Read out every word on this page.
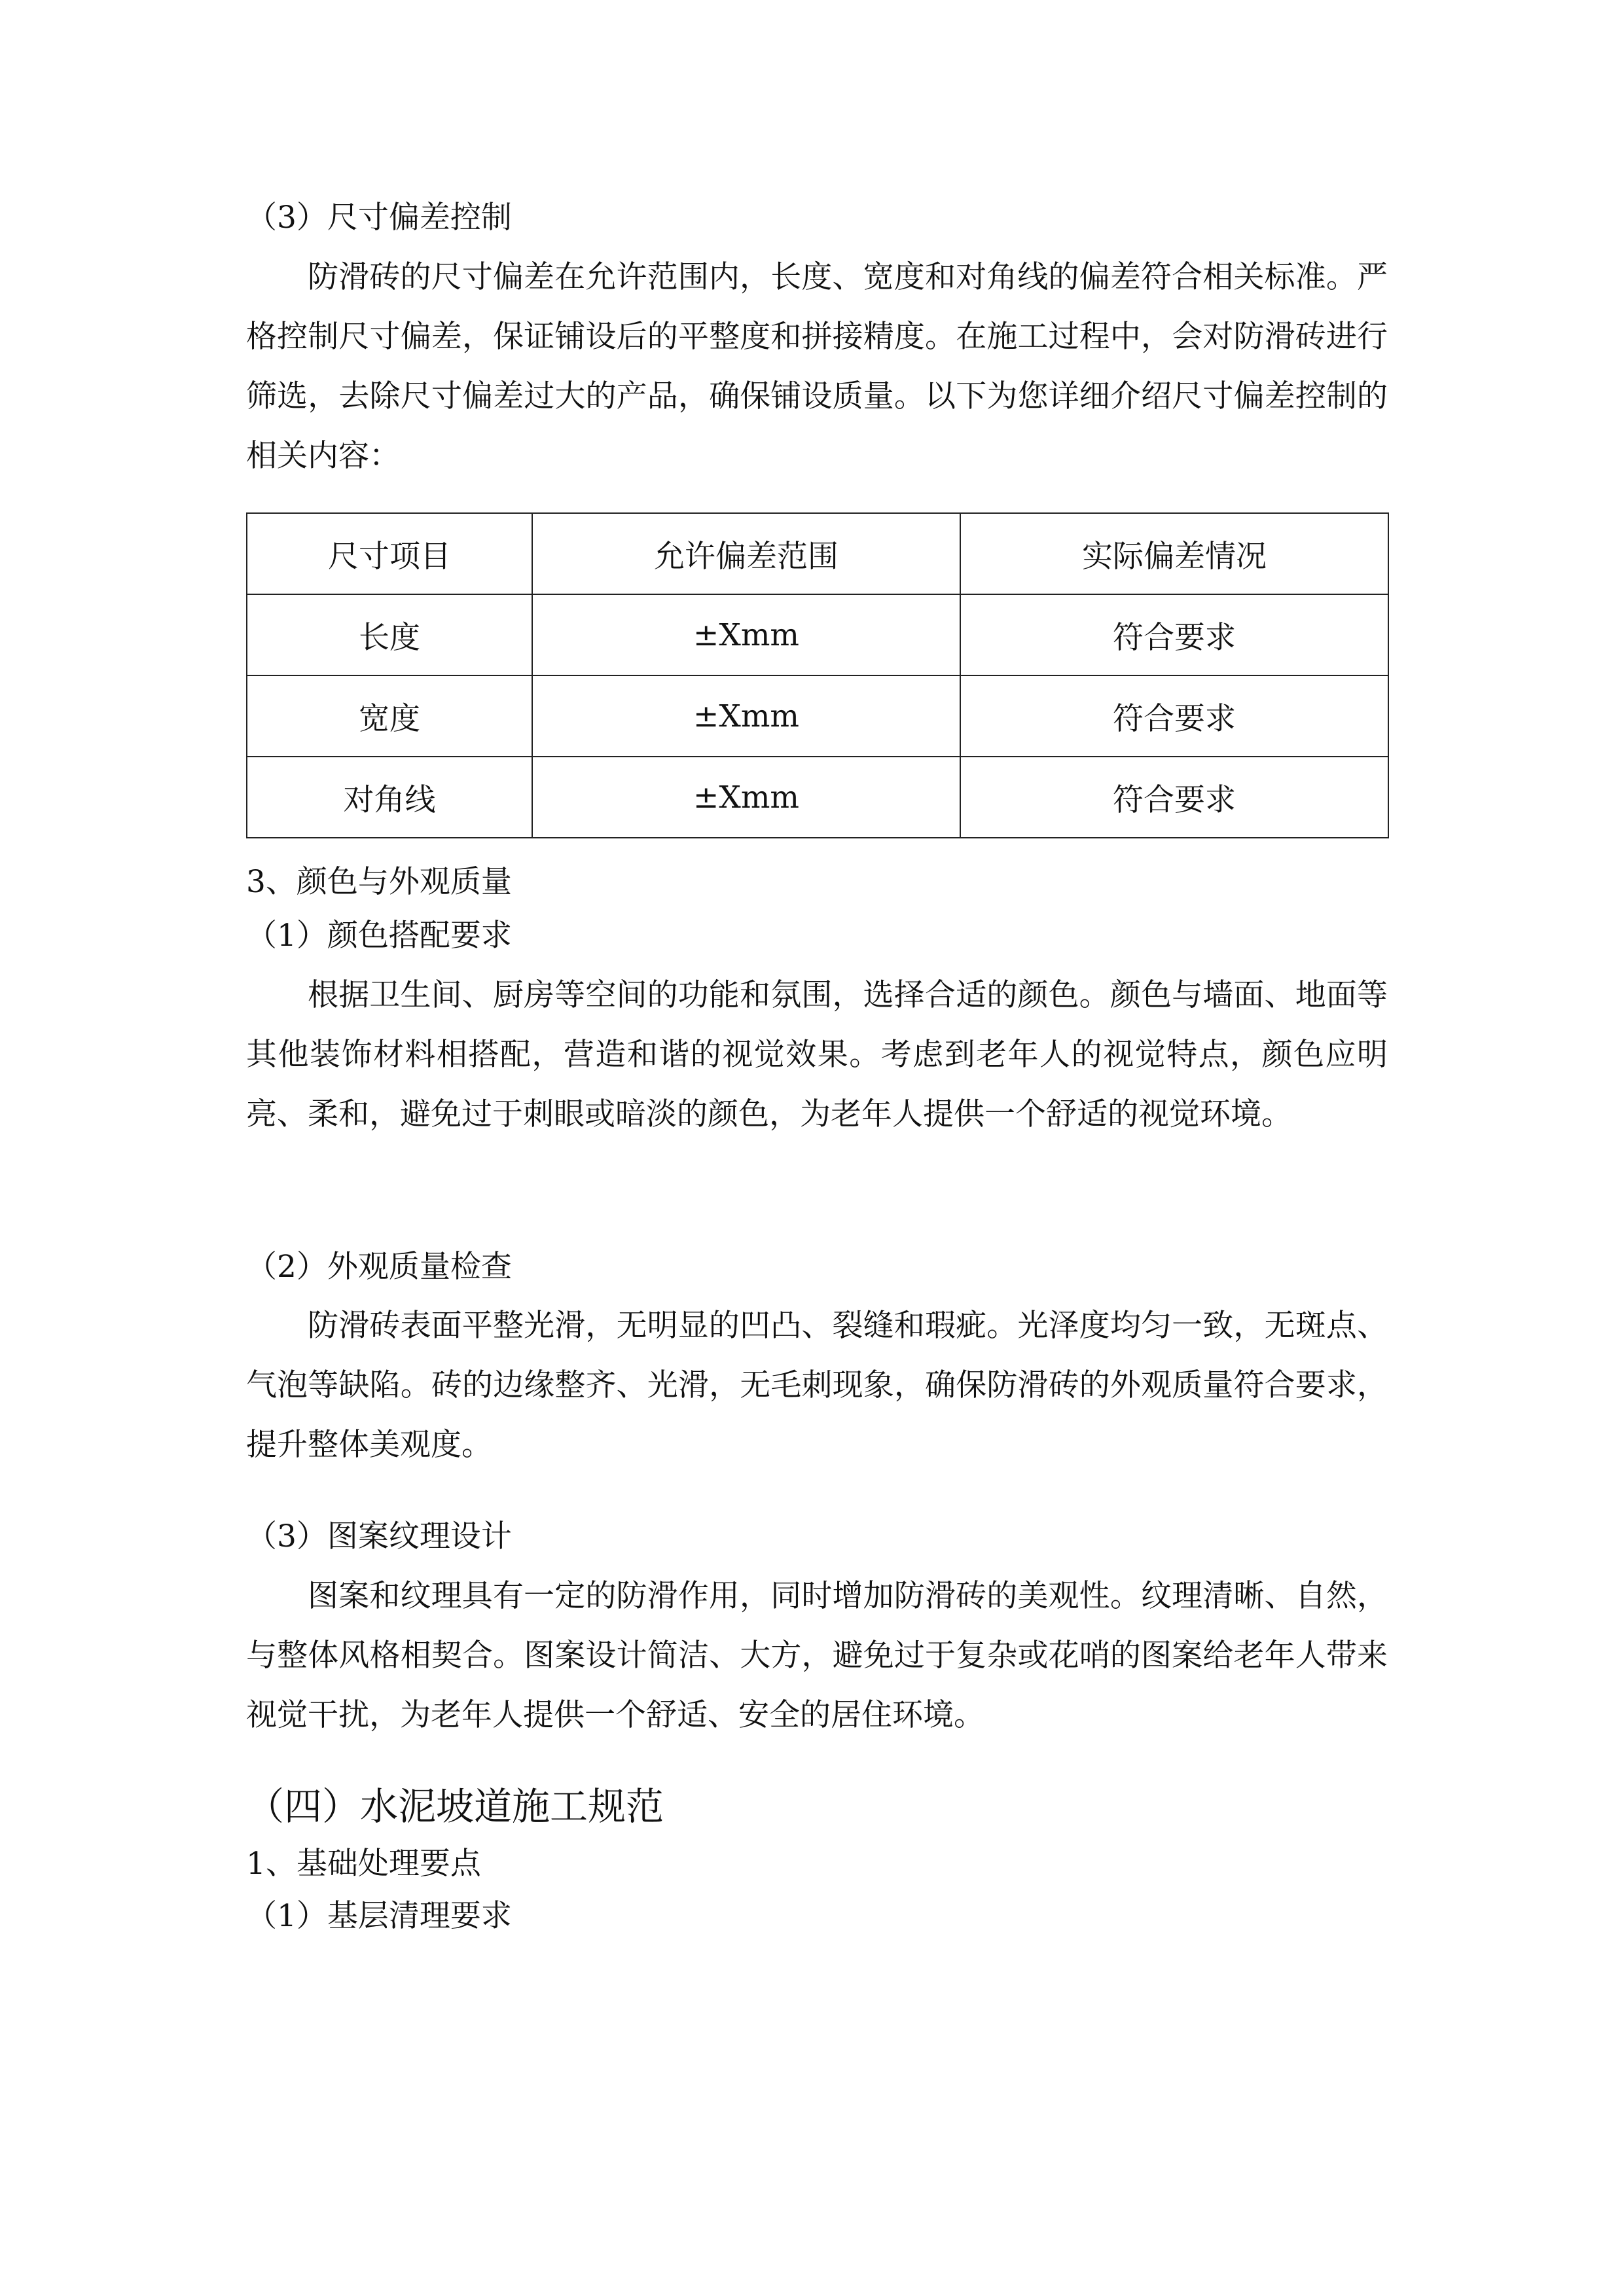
（3）尺寸偏差控制

防滑砖的尺寸偏差在允许范围内，长度、宽度和对角线的偏差符合相关标准。严格控制尺寸偏差，保证铺设后的平整度和拼接精度。在施工过程中，会对防滑砖进行筛选，去除尺寸偏差过大的产品，确保铺设质量。以下为您详细介绍尺寸偏差控制的相关内容：

尺寸项目	允许偏差范围	实际偏差情况
长度	±Xmm	符合要求
宽度	±Xmm	符合要求
对角线	±Xmm	符合要求
3、颜色与外观质量
（1）颜色搭配要求

根据卫生间、厨房等空间的功能和氛围，选择合适的颜色。颜色与墙面、地面等其他装饰材料相搭配，营造和谐的视觉效果。考虑到老年人的视觉特点，颜色应明亮、柔和，避免过于刺眼或暗淡的颜色，为老年人提供一个舒适的视觉环境。

（2）外观质量检查

防滑砖表面平整光滑，无明显的凹凸、裂缝和瑕疵。光泽度均匀一致，无斑点、气泡等缺陷。砖的边缘整齐、光滑，无毛刺现象，确保防滑砖的外观质量符合要求，提升整体美观度。

（3）图案纹理设计

图案和纹理具有一定的防滑作用，同时增加防滑砖的美观性。纹理清晰、自然，与整体风格相契合。图案设计简洁、大方，避免过于复杂或花哨的图案给老年人带来视觉干扰，为老年人提供一个舒适、安全的居住环境。

（四）水泥坡道施工规范
1、基础处理要点
（1）基层清理要求
